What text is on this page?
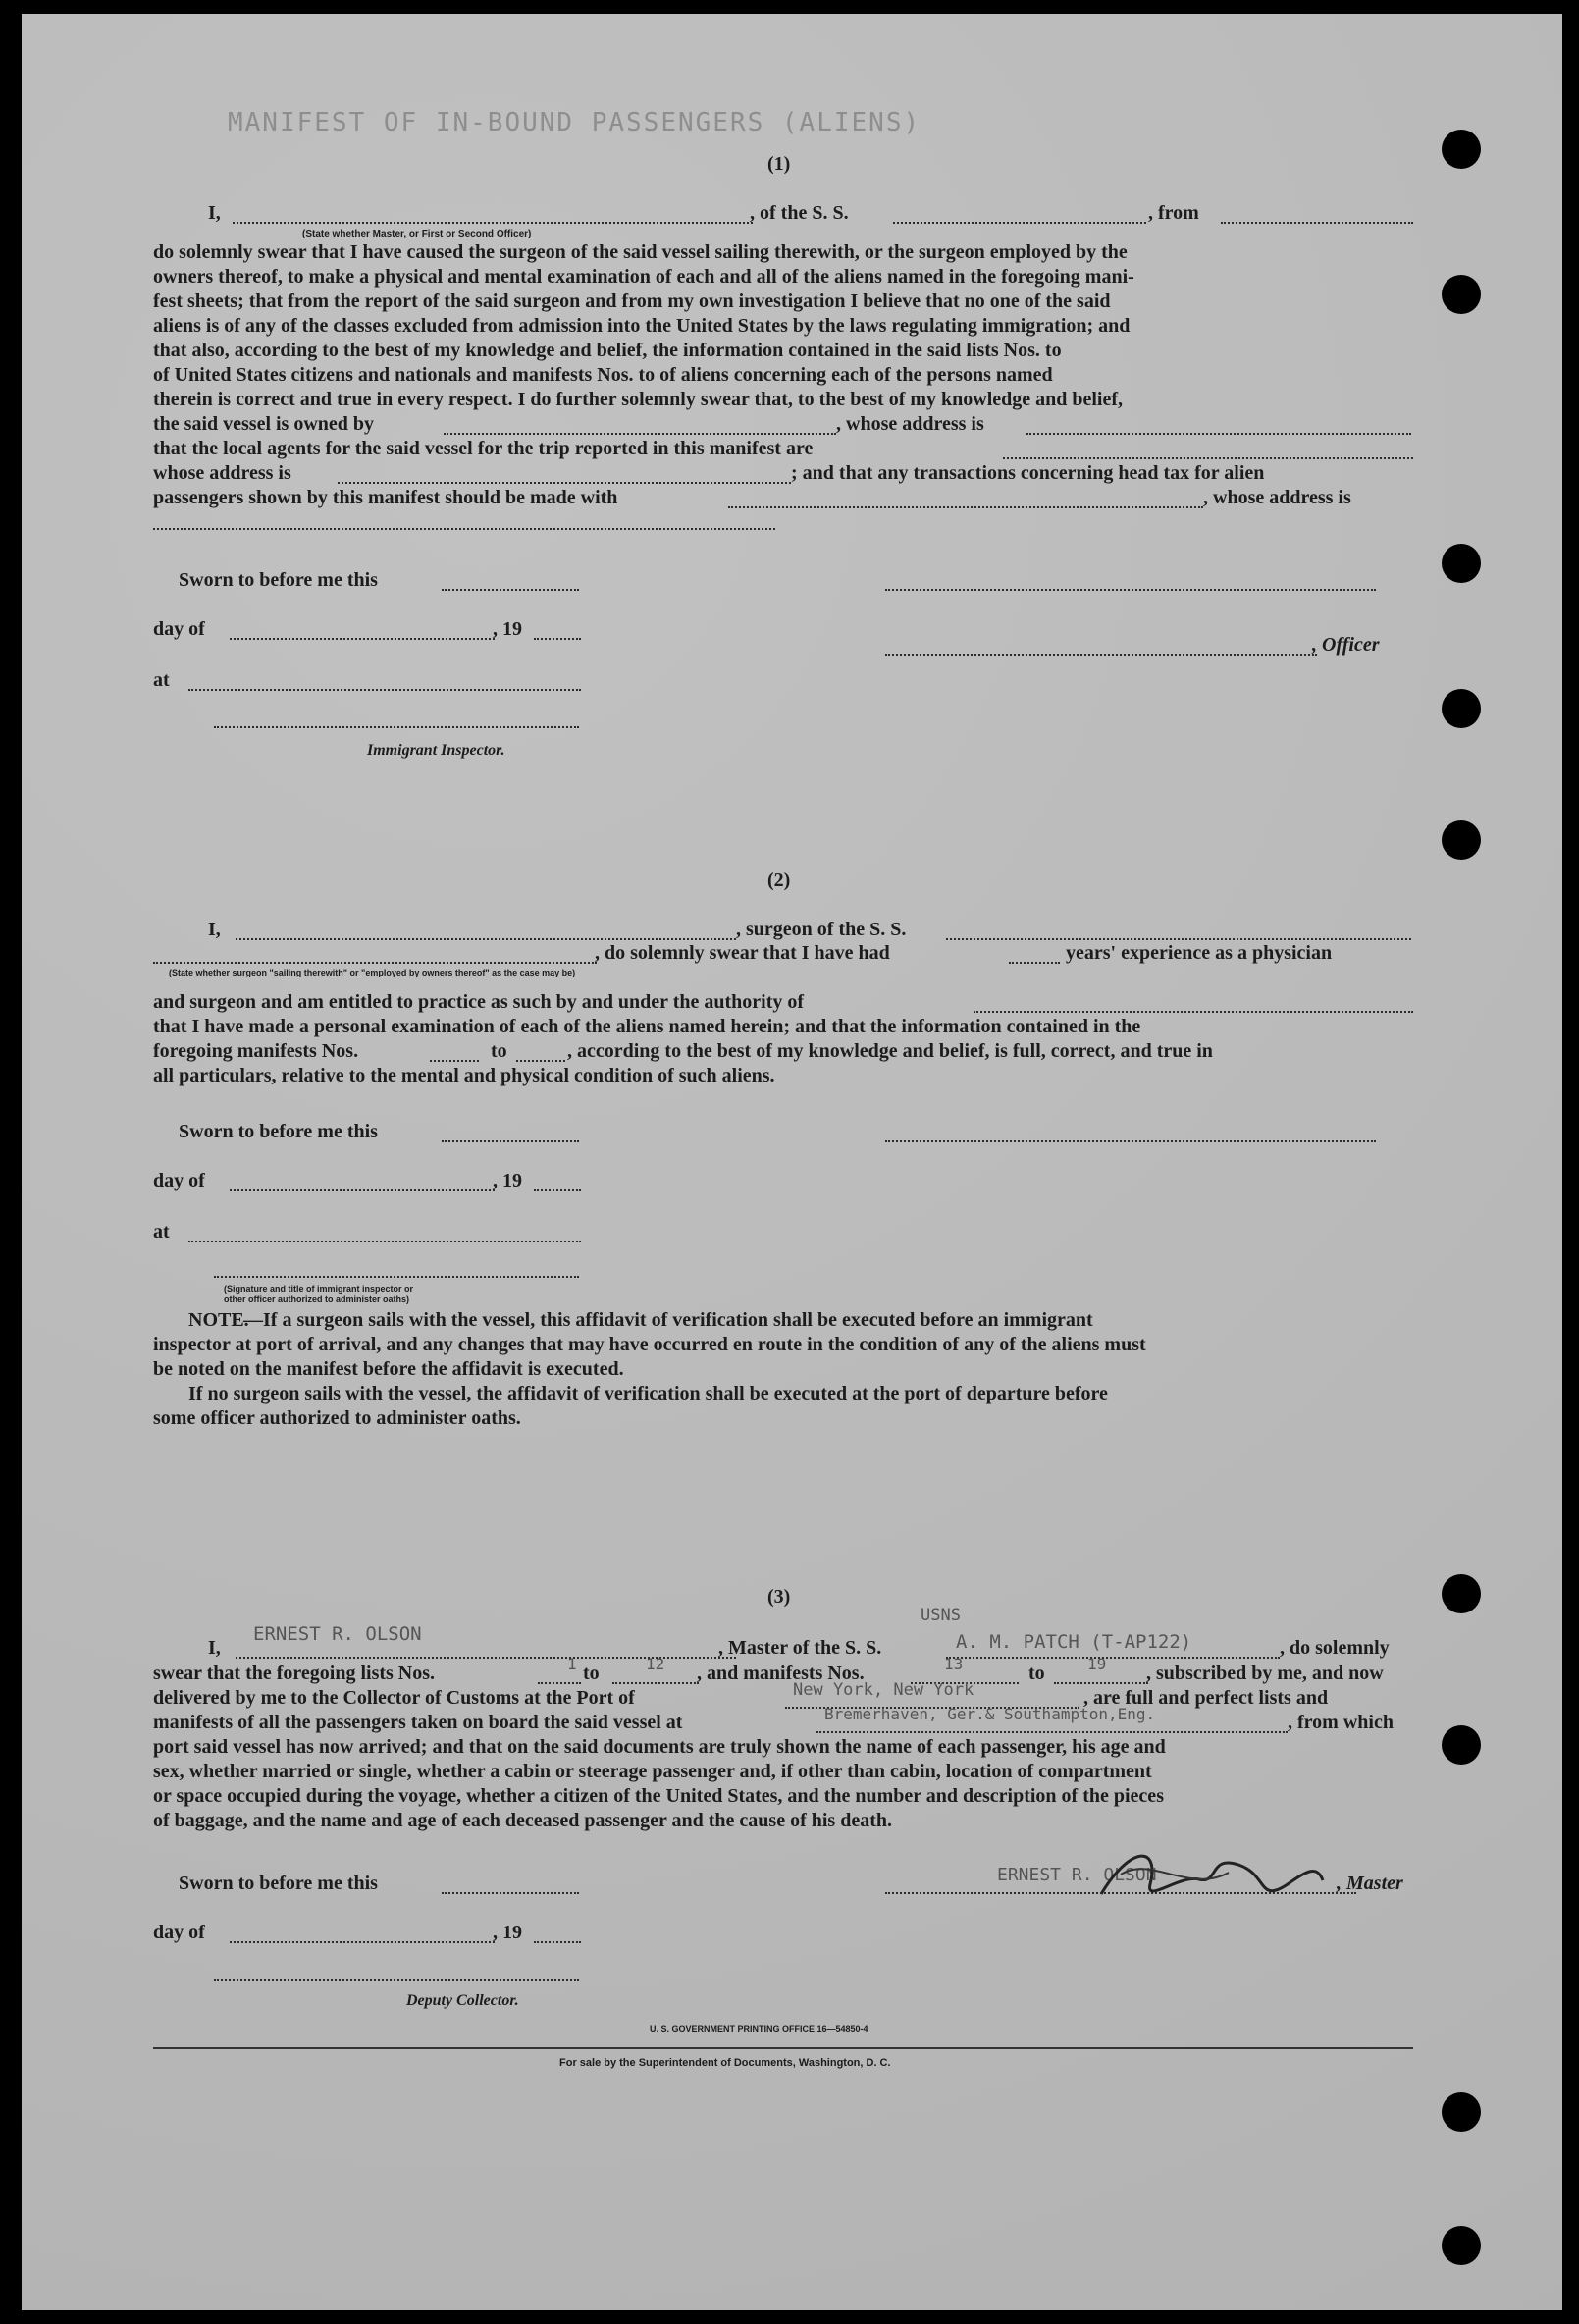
MANIFEST OF IN-BOUND PASSENGERS (ALIENS)
(1)
I,	, of the S. S.	, from
(State whether Master, or First or Second Officer)
do solemnly swear that I have caused the surgeon of the said vessel sailing therewith, or the surgeon employed by the
owners thereof, to make a physical and mental examination of each and all of the aliens named in the foregoing mani-
fest sheets; that from the report of the said surgeon and from my own investigation I believe that no one of the said
aliens is of any of the classes excluded from admission into the United States by the laws regulating immigration; and
that also, according to the best of my knowledge and belief, the information contained in the said lists Nos. to
of United States citizens and nationals and manifests Nos. to of aliens concerning each of the persons named
therein is correct and true in every respect. I do further solemnly swear that, to the best of my knowledge and belief,
the said vessel is owned by	, whose address is
that the local agents for the said vessel for the trip reported in this manifest are
whose address is	; and that any transactions concerning head tax for alien
passengers shown by this manifest should be made with	, whose address is
Sworn to before me this
day of	, 19
, Officer
at
Immigrant Inspector.
(2)
I,	, surgeon of the S. S.
, do solemnly swear that I have had	years' experience as a physician
(State whether surgeon "sailing therewith" or "employed by owners thereof" as the case may be)
and surgeon and am entitled to practice as such by and under the authority of
that I have made a personal examination of each of the aliens named herein; and that the information contained in the
foregoing manifests Nos.	to	, according to the best of my knowledge and belief, is full, correct, and true in
all particulars, relative to the mental and physical condition of such aliens.
Sworn to before me this
day of	, 19
at
(Signature and title of immigrant inspector or
other officer authorized to administer oaths)
NOTE.
—If a surgeon sails with the vessel, this affidavit of verification shall be executed before an immigrant
inspector at port of arrival, and any changes that may have occurred en route in the condition of any of the aliens must
be noted on the manifest before the affidavit is executed.
If no surgeon sails with the vessel, the affidavit of verification shall be executed at the port of departure before
some officer authorized to administer oaths.
(3)
I,
ERNEST R. OLSON
, Master of the S. S.
USNS
A. M. PATCH (T-AP122)	, do solemnly
swear that the foregoing lists Nos.	1 to	12 , and manifests Nos.	13	to	19 , subscribed by me, and now
delivered by me to the Collector of Customs at the Port of	New York, New York	, are full and perfect lists and
manifests of all the passengers taken on board the said vessel at	Bremerhaven, Ger.& Southampton,Eng.	, from which
port said vessel has now arrived; and that on the said documents are truly shown the name of each passenger, his age and
sex, whether married or single, whether a cabin or steerage passenger and, if other than cabin, location of compartment
or space occupied during the voyage, whether a citizen of the United States, and the number and description of the pieces
of baggage, and the name and age of each deceased passenger and the cause of his death.
Sworn to before me this	ERNEST R. OLSON	, Master
day of	, 19
Deputy Collector.
U. S. GOVERNMENT PRINTING OFFICE 16—54850-4
For sale by the Superintendent of Documents, Washington, D. C.
